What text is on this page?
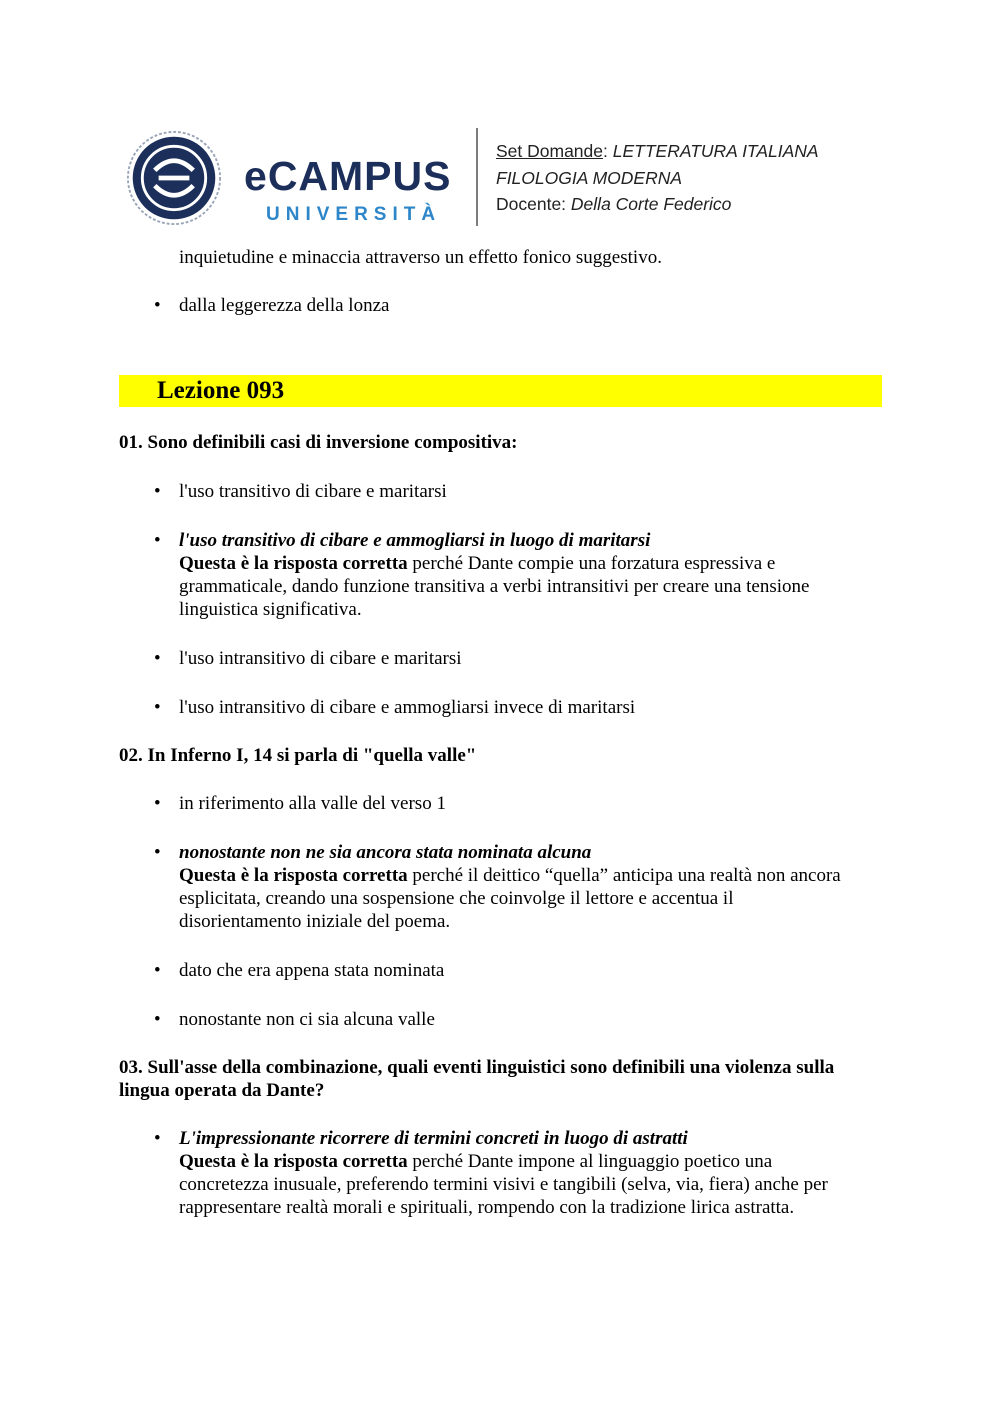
eCAMPUS
UNIVERSITÀ
Set Domande: LETTERATURA ITALIANA
FILOLOGIA MODERNA
Docente: Della Corte Federico
inquietudine e minaccia attraverso un effetto fonico suggestivo.
• dalla leggerezza della lonza
Lezione 093
01. Sono definibili casi di inversione compositiva:
• l'uso transitivo di cibare e maritarsi
• l'uso transitivo di cibare e ammogliarsi in luogo di maritarsi
Questa è la risposta corretta perché Dante compie una forzatura espressiva e
grammaticale, dando funzione transitiva a verbi intransitivi per creare una tensione
linguistica significativa.
• l'uso intransitivo di cibare e maritarsi
• l'uso intransitivo di cibare e ammogliarsi invece di maritarsi
02. In Inferno I, 14 si parla di "quella valle"
• in riferimento alla valle del verso 1
• nonostante non ne sia ancora stata nominata alcuna
Questa è la risposta corretta perché il deittico “quella” anticipa una realtà non ancora
esplicitata, creando una sospensione che coinvolge il lettore e accentua il
disorientamento iniziale del poema.
• dato che era appena stata nominata
• nonostante non ci sia alcuna valle
03. Sull'asse della combinazione, quali eventi linguistici sono definibili una violenza sulla
lingua operata da Dante?
• L'impressionante ricorrere di termini concreti in luogo di astratti
Questa è la risposta corretta perché Dante impone al linguaggio poetico una
concretezza inusuale, preferendo termini visivi e tangibili (selva, via, fiera) anche per
rappresentare realtà morali e spirituali, rompendo con la tradizione lirica astratta.
